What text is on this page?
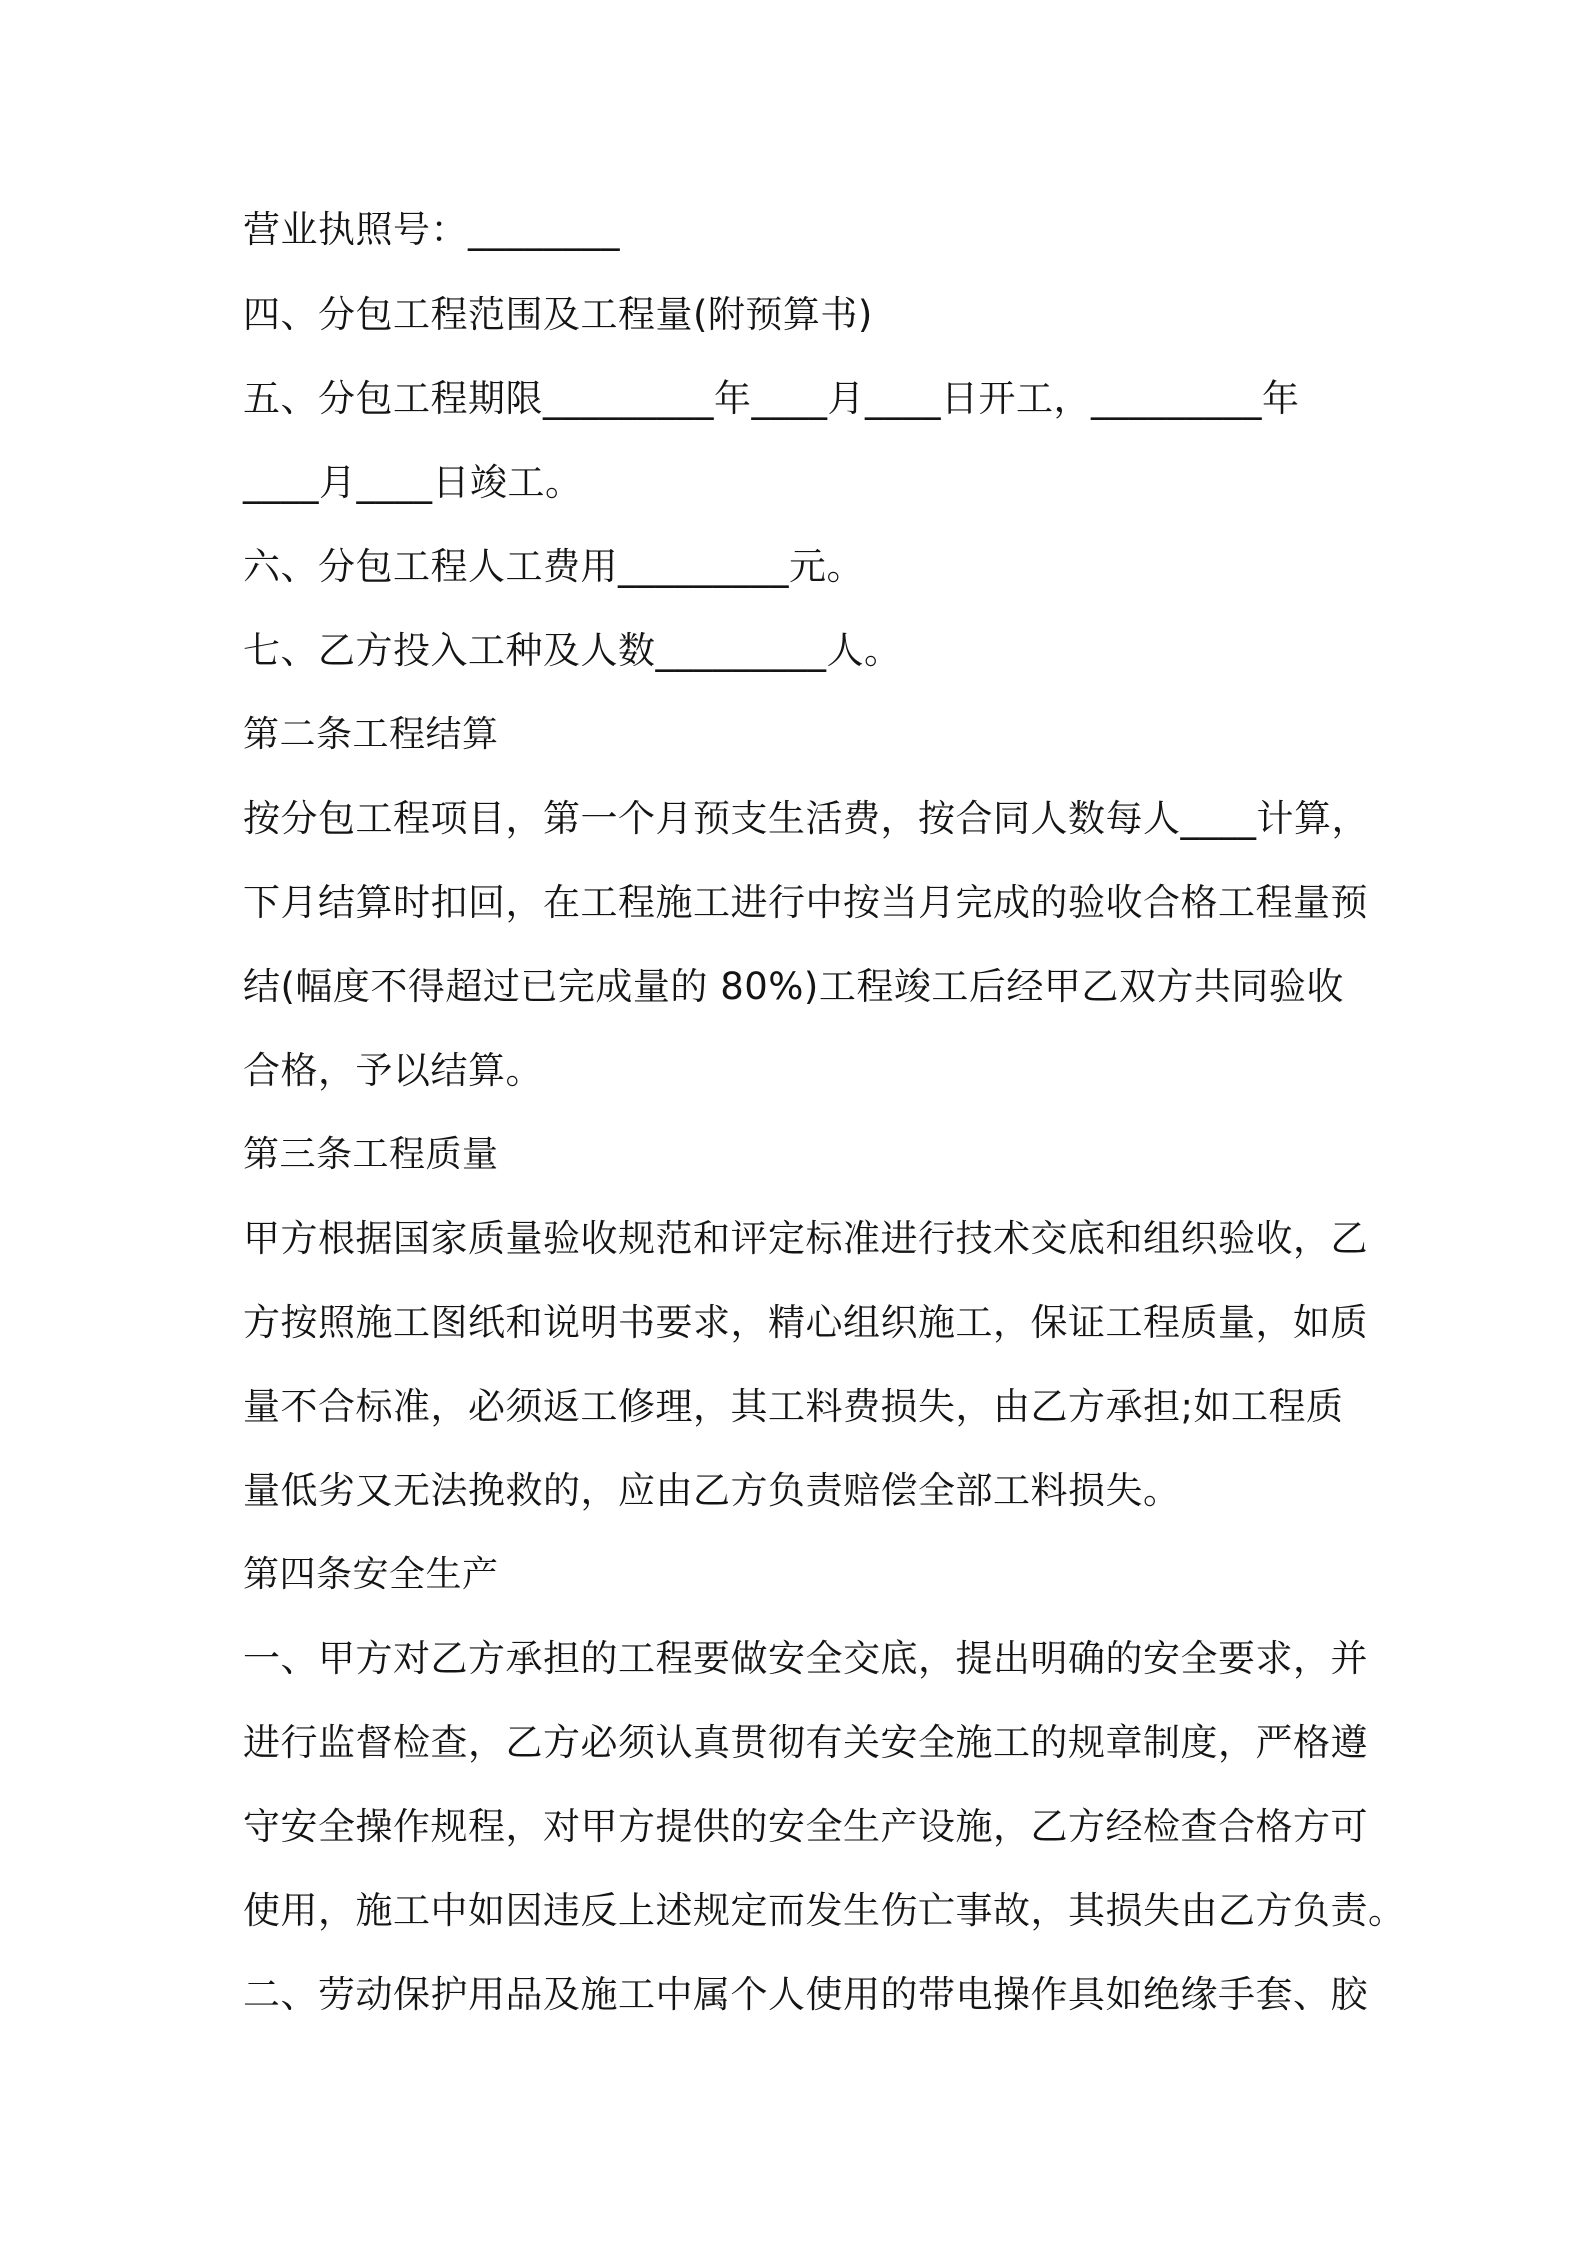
营业执照号：________
四、分包工程范围及工程量(附预算书)
五、分包工程期限_________年____月____日开工，_________年
____月____日竣工。
六、分包工程人工费用_________元。
七、乙方投入工种及人数_________人。
第二条工程结算
按分包工程项目，第一个月预支生活费，按合同人数每人____计算，
下月结算时扣回，在工程施工进行中按当月完成的验收合格工程量预
结(幅度不得超过已完成量的 80%)工程竣工后经甲乙双方共同验收
合格，予以结算。
第三条工程质量
甲方根据国家质量验收规范和评定标准进行技术交底和组织验收，乙
方按照施工图纸和说明书要求，精心组织施工，保证工程质量，如质
量不合标准，必须返工修理，其工料费损失，由乙方承担;如工程质
量低劣又无法挽救的，应由乙方负责赔偿全部工料损失。
第四条安全生产
一、甲方对乙方承担的工程要做安全交底，提出明确的安全要求，并
进行监督检查，乙方必须认真贯彻有关安全施工的规章制度，严格遵
守安全操作规程，对甲方提供的安全生产设施，乙方经检查合格方可
使用，施工中如因违反上述规定而发生伤亡事故，其损失由乙方负责。
二、劳动保护用品及施工中属个人使用的带电操作具如绝缘手套、胶
